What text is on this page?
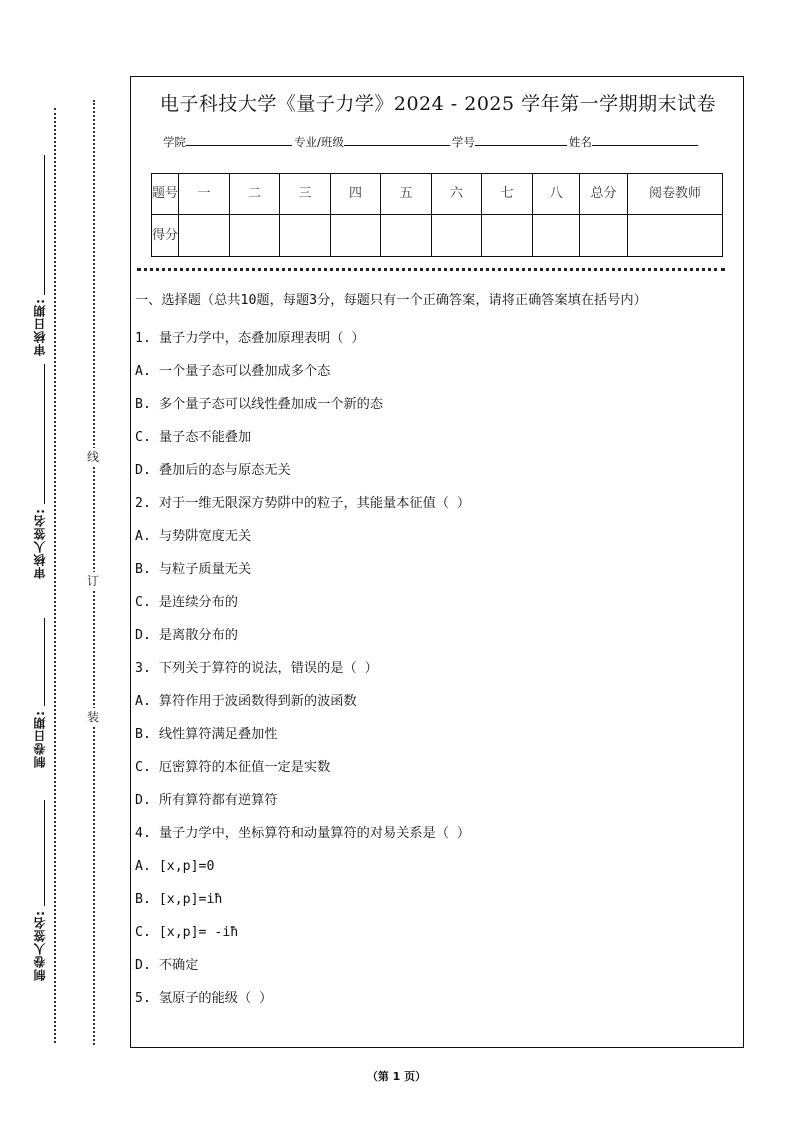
审核日期:
审核人签名:
制卷日期:
制卷人签名:
线
订
装
电子科技大学《量子力学》2024 - 2025 学年第一学期期末试卷
学院	专业/班级	学号	姓名
题号	一	二	三	四	五	六	七	八	总分	阅卷教师
得分										
一、选择题（总共10题，每题3分，每题只有一个正确答案，请将正确答案填在括号内）
1. 量子力学中，态叠加原理表明（ ）
A. 一个量子态可以叠加成多个态
B. 多个量子态可以线性叠加成一个新的态
C. 量子态不能叠加
D. 叠加后的态与原态无关
2. 对于一维无限深方势阱中的粒子，其能量本征值（ ）
A. 与势阱宽度无关
B. 与粒子质量无关
C. 是连续分布的
D. 是离散分布的
3. 下列关于算符的说法，错误的是（ ）
A. 算符作用于波函数得到新的波函数
B. 线性算符满足叠加性
C. 厄密算符的本征值一定是实数
D. 所有算符都有逆算符
4. 量子力学中，坐标算符和动量算符的对易关系是（ ）
A. [x,p]=0
B. [x,p]=iħ
C. [x,p]= -iħ
D. 不确定
5. 氢原子的能级（ ）
（第 1 页）
